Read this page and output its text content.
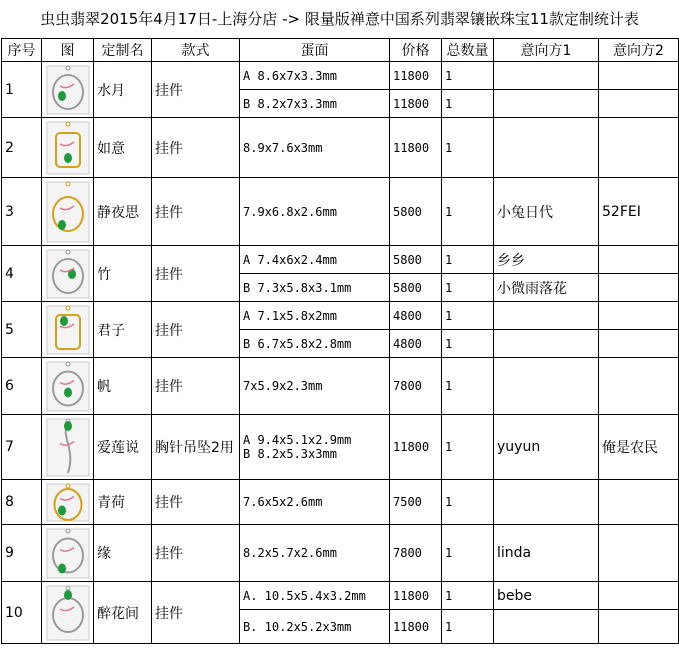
虫虫翡翠2015年4月17日-上海分店 -> 限量版禅意中国系列翡翠镶嵌珠宝11款定制统计表
序号	图	定制名	款式	蛋面	价格	总数量	意向方1	意向方2
1		水月	挂件	A 8.6x7x3.3mm	11800	1		
				B 8.2x7x3.3mm	11800	1		
2		如意	挂件	8.9x7.6x3mm	11800	1		
3		静夜思	挂件	7.9x6.8x2.6mm	5800	1	小兔日代	52FEI
4		竹	挂件	A 7.4x6x2.4mm	5800	1	乡乡	
				B 7.3x5.8x3.1mm	5800	1	小微雨落花	
5		君子	挂件	A 7.1x5.8x2mm	4800	1		
				B 6.7x5.8x2.8mm	4800	1		
6		帆	挂件	7x5.9x2.3mm	7800	1		
7		爱莲说	胸针吊坠2用	A 9.4x5.1x2.9mm
B 8.2x5.3x3mm	11800	1	yuyun	俺是农民
8		青荷	挂件	7.6x5x2.6mm	7500	1		
9		缘	挂件	8.2x5.7x2.6mm	7800	1	linda	
10		醉花间	挂件	A. 10.5x5.4x3.2mm	11800	1	bebe	
				B. 10.2x5.2x3mm	11800	1		
